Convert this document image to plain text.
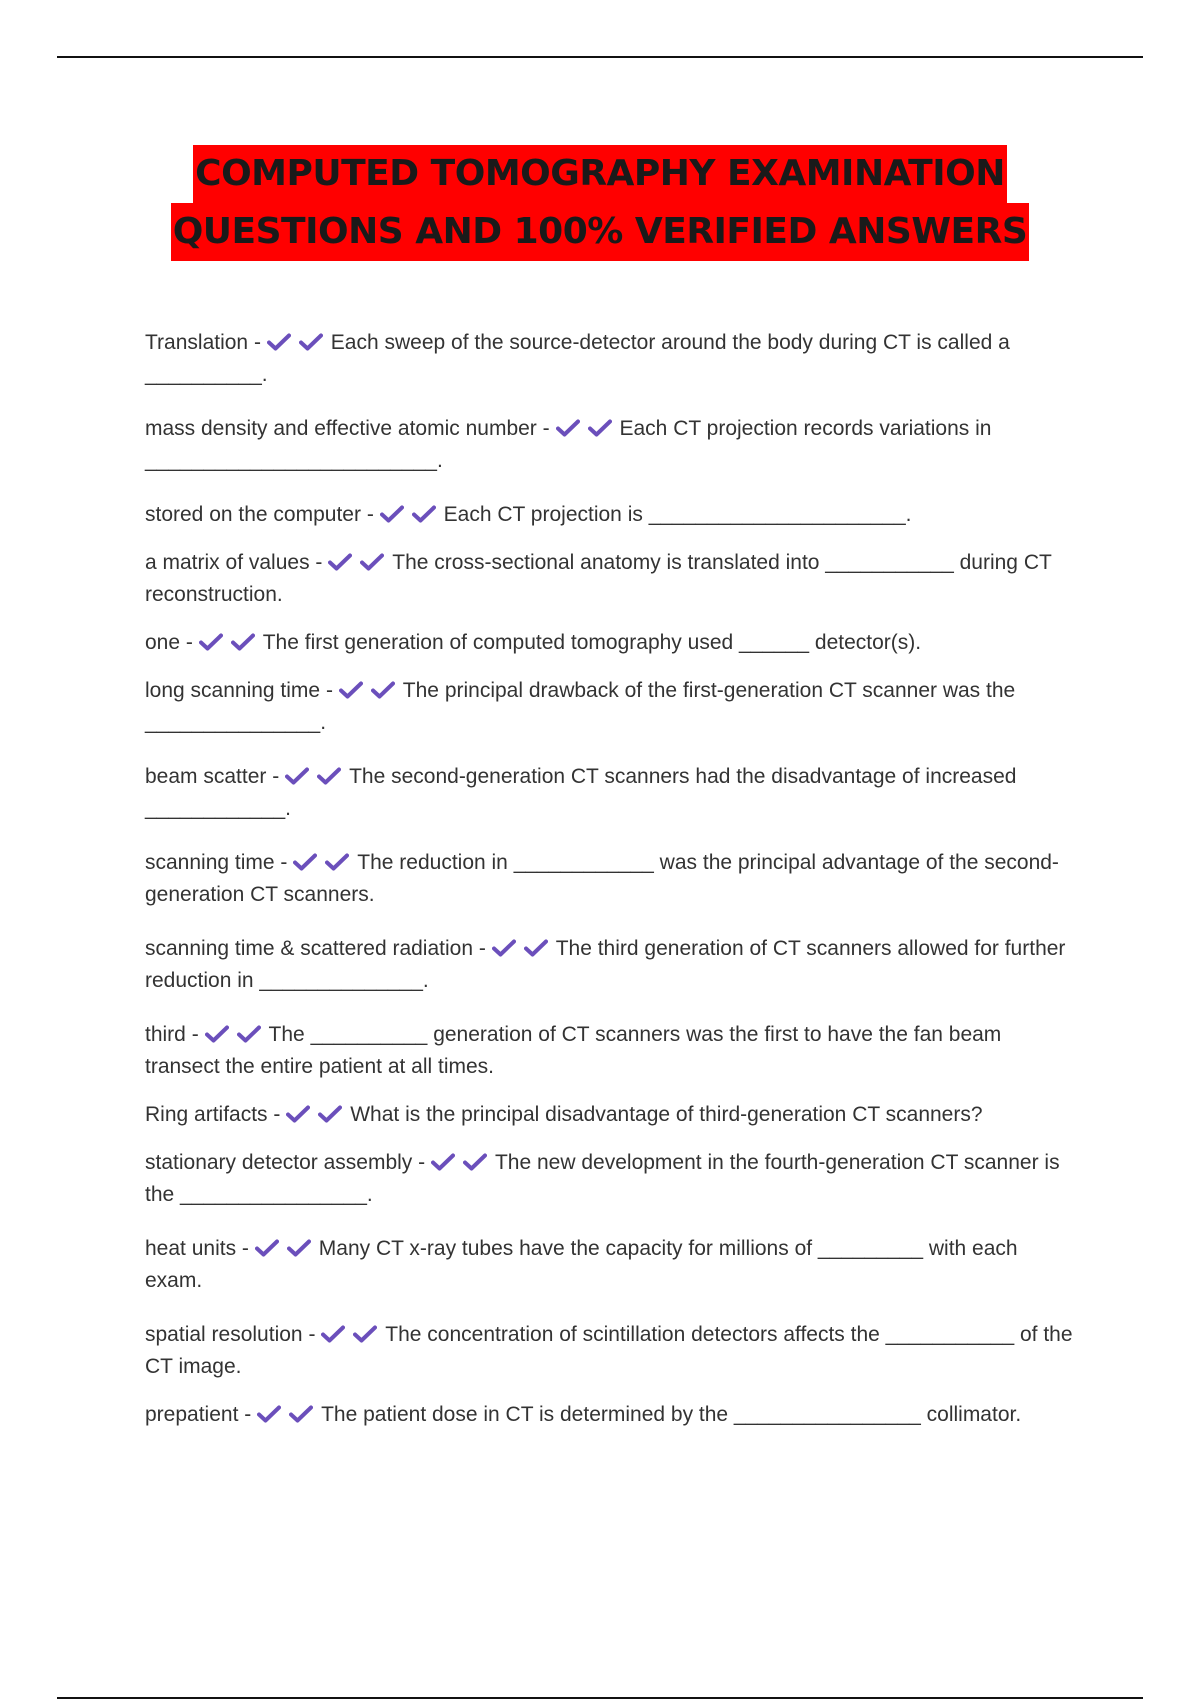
COMPUTED TOMOGRAPHY EXAMINATION
QUESTIONS AND 100% VERIFIED ANSWERS

Translation -	Each sweep of the source-detector around the body during CT is called a __________.

mass density and effective atomic number -	Each CT projection records variations in _________________________.

stored on the computer -	Each CT projection is ______________________.

a matrix of values -	The cross-sectional anatomy is translated into ___________ during CT reconstruction.

one -	The first generation of computed tomography used ______ detector(s).

long scanning time -	The principal drawback of the first-generation CT scanner was the _______________.

beam scatter -	The second-generation CT scanners had the disadvantage of increased ____________.

scanning time -	The reduction in ____________ was the principal advantage of the second-generation CT scanners.

scanning time & scattered radiation -	The third generation of CT scanners allowed for further reduction in ______________.

third -	The __________ generation of CT scanners was the first to have the fan beam transect the entire patient at all times.

Ring artifacts -	What is the principal disadvantage of third-generation CT scanners?

stationary detector assembly -	The new development in the fourth-generation CT scanner is the ________________.

heat units -	Many CT x-ray tubes have the capacity for millions of _________ with each exam.

spatial resolution -	The concentration of scintillation detectors affects the ___________ of the CT image.

prepatient -	The patient dose in CT is determined by the ________________ collimator.
